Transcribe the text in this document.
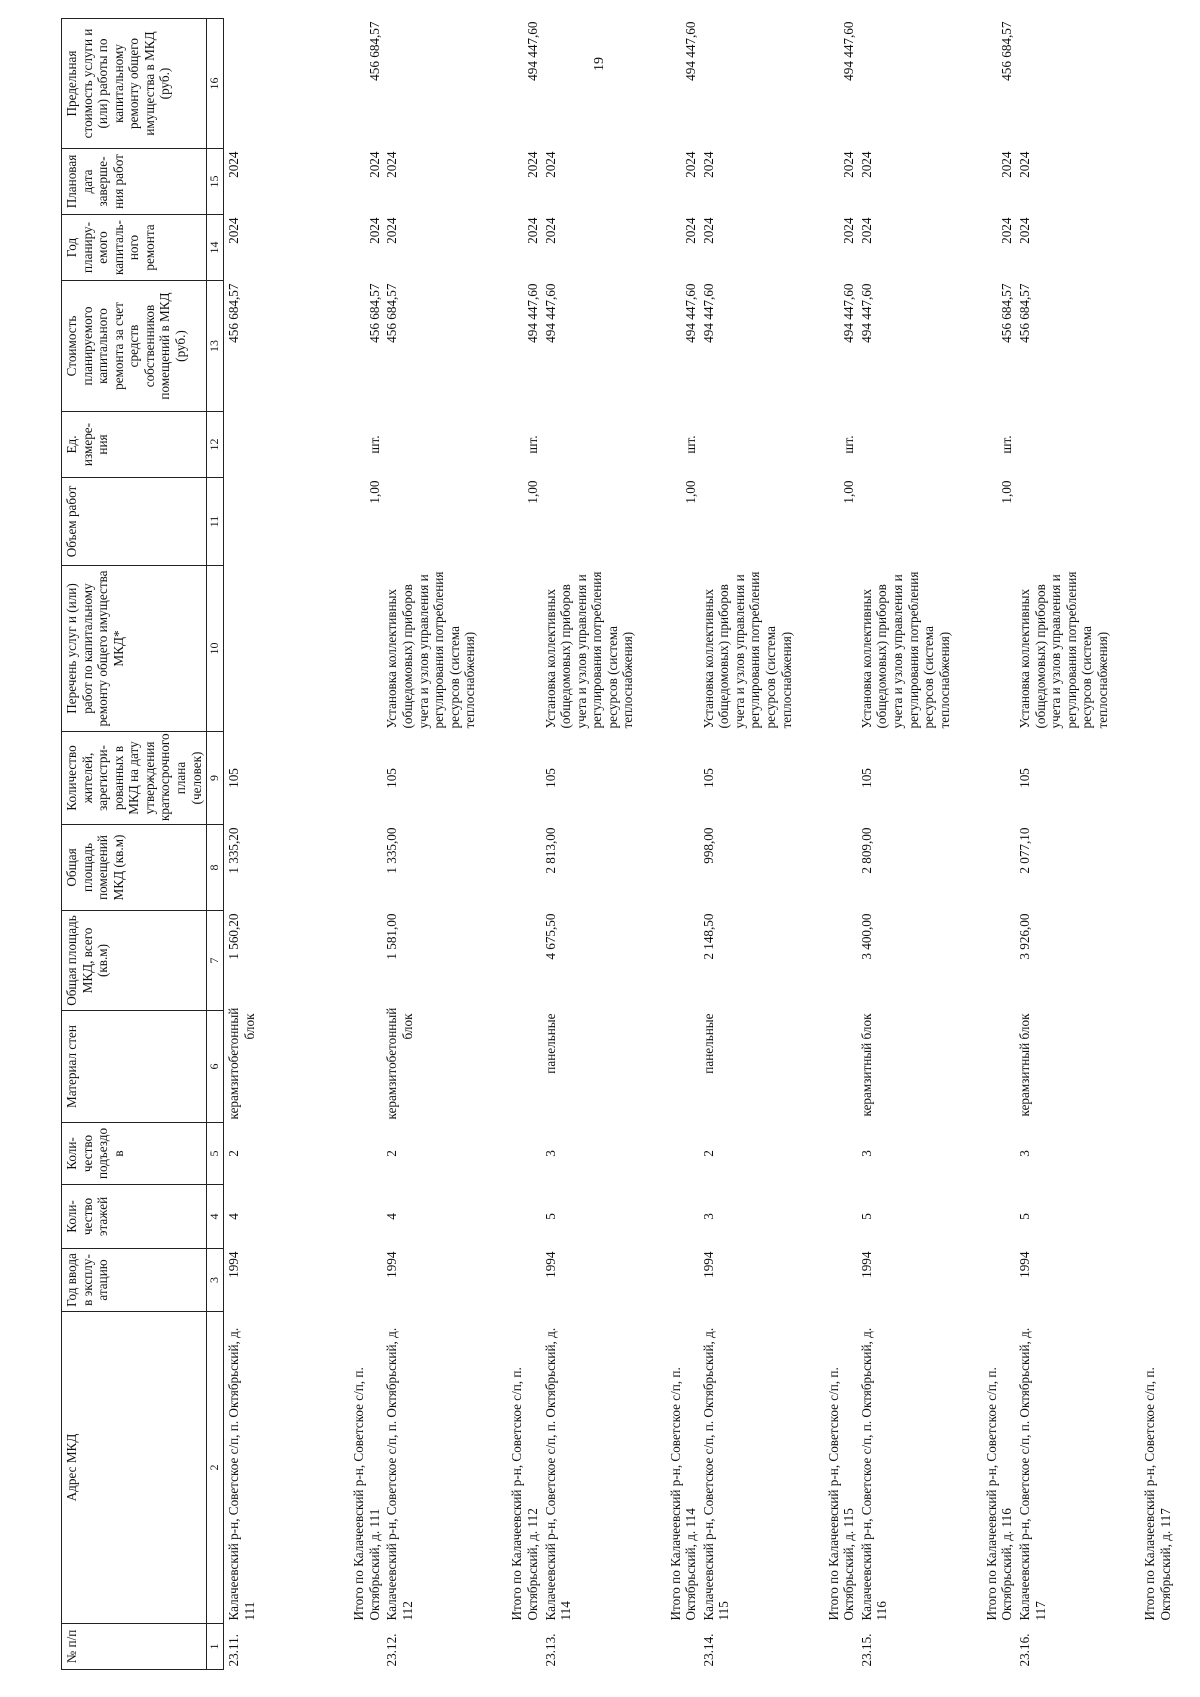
19
№ п/п	Адрес МКД	Год ввода в эксплу-атацию	Коли-чество этажей	Коли-чество подъездо в	Материал стен	Общая площадь МКД, всего (кв.м)	Общая площадь помещений МКД (кв.м)	Количество жителей, зарегистри-рованных в МКД на дату утверждения краткосрочного плана (человек)	Перечень услуг и (или) работ по капитальному ремонту общего имущества МКД*	Объем работ	Ед. измере-ния	Стоимость планируемого капитального ремонта за счет средств собственников помещений в МКД (руб.)	Год планиру-емого капиталь-ного ремонта	Плановая дата заверше-ния работ	Предельная стоимость услуги и (или) работы по капитальному ремонту общего имущества в МКД (руб.)
1	2	3	4	5	6	7	8	9	10	11	12	13	14	15	16
23.11.	Калачеевский р-н, Советское с/п, п. Октябрьский, д. 111	1994	4	2	керамзитобетонный блок	1 560,20	1 335,20	105				456 684,57	2024	2024	
	Итого по Калачеевский р-н, Советское с/п, п. Октябрьский, д. 111									1,00	шт.	456 684,57	2024	2024	456 684,57
23.12.	Калачеевский р-н, Советское с/п, п. Октябрьский, д. 112	1994	4	2	керамзитобетонный блок	1 581,00	1 335,00	105	Установка коллективных (общедомовых) приборов учета и узлов управления и регулирования потребления ресурсов (система теплоснабжения)			456 684,57	2024	2024	
	Итого по Калачеевский р-н, Советское с/п, п. Октябрьский, д. 112									1,00	шт.	494 447,60	2024	2024	494 447,60
23.13.	Калачеевский р-н, Советское с/п, п. Октябрьский, д. 114	1994	5	3	панельные	4 675,50	2 813,00	105	Установка коллективных (общедомовых) приборов учета и узлов управления и регулирования потребления ресурсов (система теплоснабжения)			494 447,60	2024	2024	
	Итого по Калачеевский р-н, Советское с/п, п. Октябрьский, д. 114									1,00	шт.	494 447,60	2024	2024	494 447,60
23.14.	Калачеевский р-н, Советское с/п, п. Октябрьский, д. 115	1994	3	2	панельные	2 148,50	998,00	105	Установка коллективных (общедомовых) приборов учета и узлов управления и регулирования потребления ресурсов (система теплоснабжения)			494 447,60	2024	2024	
	Итого по Калачеевский р-н, Советское с/п, п. Октябрьский, д. 115									1,00	шт.	494 447,60	2024	2024	494 447,60
23.15.	Калачеевский р-н, Советское с/п, п. Октябрьский, д. 116	1994	5	3	керамзитный блок	3 400,00	2 809,00	105	Установка коллективных (общедомовых) приборов учета и узлов управления и регулирования потребления ресурсов (система теплоснабжения)			494 447,60	2024	2024	
	Итого по Калачеевский р-н, Советское с/п, п. Октябрьский, д. 116									1,00	шт.	456 684,57	2024	2024	456 684,57
23.16.	Калачеевский р-н, Советское с/п, п. Октябрьский, д. 117	1994	5	3	керамзитный блок	3 926,00	2 077,10	105	Установка коллективных (общедомовых) приборов учета и узлов управления и регулирования потребления ресурсов (система теплоснабжения)			456 684,57	2024	2024	
	Итого по Калачеевский р-н, Советское с/п, п. Октябрьский, д. 117														
